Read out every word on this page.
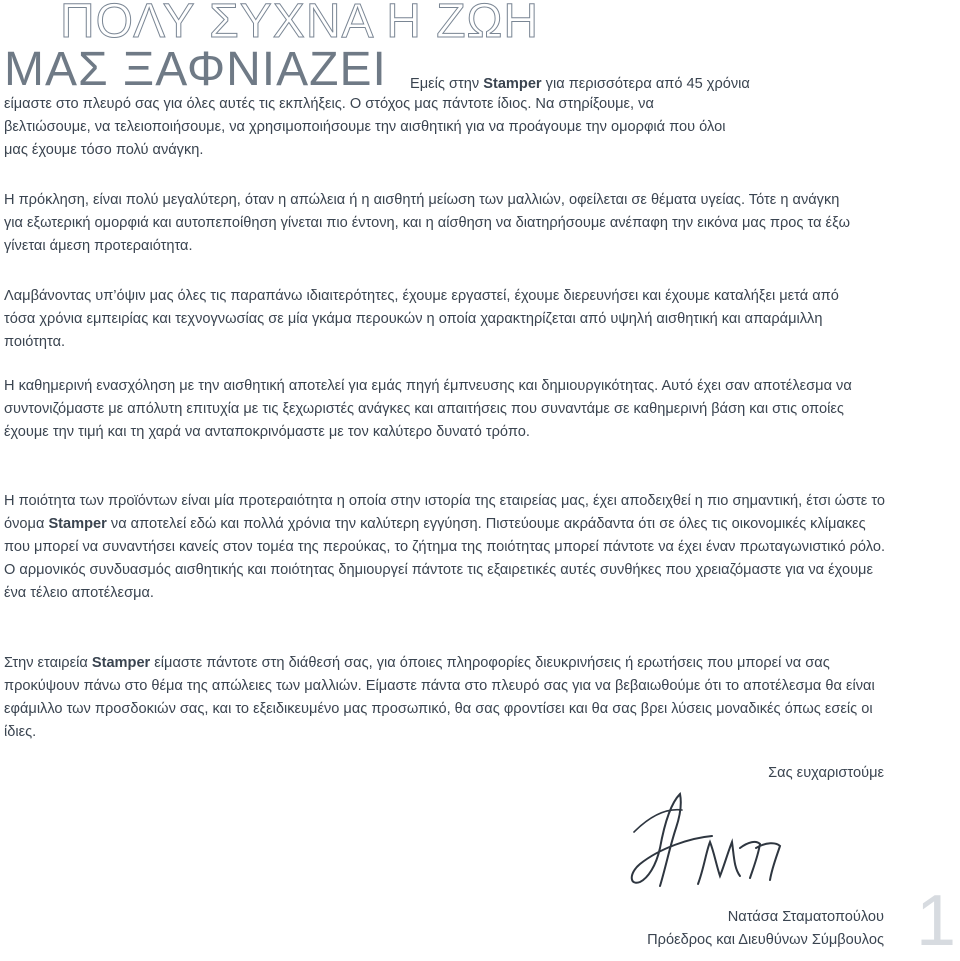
ΠΟΛΥ ΣΥΧΝΑ Η ΖΩΗ
ΜΑΣ ΞΑΦΝΙΑΖΕΙ Εμείς στην Stamper για περισσότερα από 45 χρόνια

είμαστε στο πλευρό σας για όλες αυτές τις εκπλήξεις. Ο στόχος μας πάντοτε ίδιος. Να στηρίξουμε, να

βελτιώσουμε, να τελειοποιήσουμε, να χρησιμοποιήσουμε την αισθητική για να προάγουμε την ομορφιά που όλοι

μας έχουμε τόσο πολύ ανάγκη.

Η πρόκληση, είναι πολύ μεγαλύτερη, όταν η απώλεια ή η αισθητή μείωση των μαλλιών, οφείλεται σε θέματα υγείας. Τότε η ανάγκη για εξωτερική ομορφιά και αυτοπεποίθηση γίνεται πιο έντονη, και η αίσθηση να διατηρήσουμε ανέπαφη την εικόνα μας προς τα έξω γίνεται άμεση προτεραιότητα.

Λαμβάνοντας υπ’όψιν μας όλες τις παραπάνω ιδιαιτερότητες, έχουμε εργαστεί, έχουμε διερευνήσει και έχουμε καταλήξει μετά από τόσα χρόνια εμπειρίας και τεχνογνωσίας σε μία γκάμα περουκών η οποία χαρακτηρίζεται από υψηλή αισθητική και απαράμιλλη ποιότητα.

Η καθημερινή ενασχόληση με την αισθητική αποτελεί για εμάς πηγή έμπνευσης και δημιουργικότητας. Αυτό έχει σαν αποτέλεσμα να συντονιζόμαστε με απόλυτη επιτυχία με τις ξεχωριστές ανάγκες και απαιτήσεις που συναντάμε σε καθημερινή βάση και στις οποίες έχουμε την τιμή και τη χαρά να ανταποκρινόμαστε με τον καλύτερο δυνατό τρόπο.

Η ποιότητα των προϊόντων είναι μία προτεραιότητα η οποία στην ιστορία της εταιρείας μας, έχει αποδειχθεί η πιο σημαντική, έτσι ώστε το όνομα Stamper να αποτελεί εδώ και πολλά χρόνια την καλύτερη εγγύηση. Πιστεύουμε ακράδαντα ότι σε όλες τις οικονομικές κλίμακες που μπορεί να συναντήσει κανείς στον τομέα της περούκας, το ζήτημα της ποιότητας μπορεί πάντοτε να έχει έναν πρωταγωνιστικό ρόλο. Ο αρμονικός συνδυασμός αισθητικής και ποιότητας δημιουργεί πάντοτε τις εξαιρετικές αυτές συνθήκες που χρειαζόμαστε για να έχουμε ένα τέλειο αποτέλεσμα.

Στην εταιρεία Stamper είμαστε πάντοτε στη διάθεσή σας, για όποιες πληροφορίες διευκρινήσεις ή ερωτήσεις που μπορεί να σας προκύψουν πάνω στο θέμα της απώλειες των μαλλιών. Είμαστε πάντα στο πλευρό σας για να βεβαιωθούμε ότι το αποτέλεσμα θα είναι εφάμιλλο των προσδοκιών σας, και το εξειδικευμένο μας προσωπικό, θα σας φροντίσει και θα σας βρει λύσεις μοναδικές όπως εσείς οι ίδιες.

Σας ευχαριστούμε
Νατάσα Σταματοπούλου
Πρόεδρος και Διευθύνων Σύμβουλος 1
